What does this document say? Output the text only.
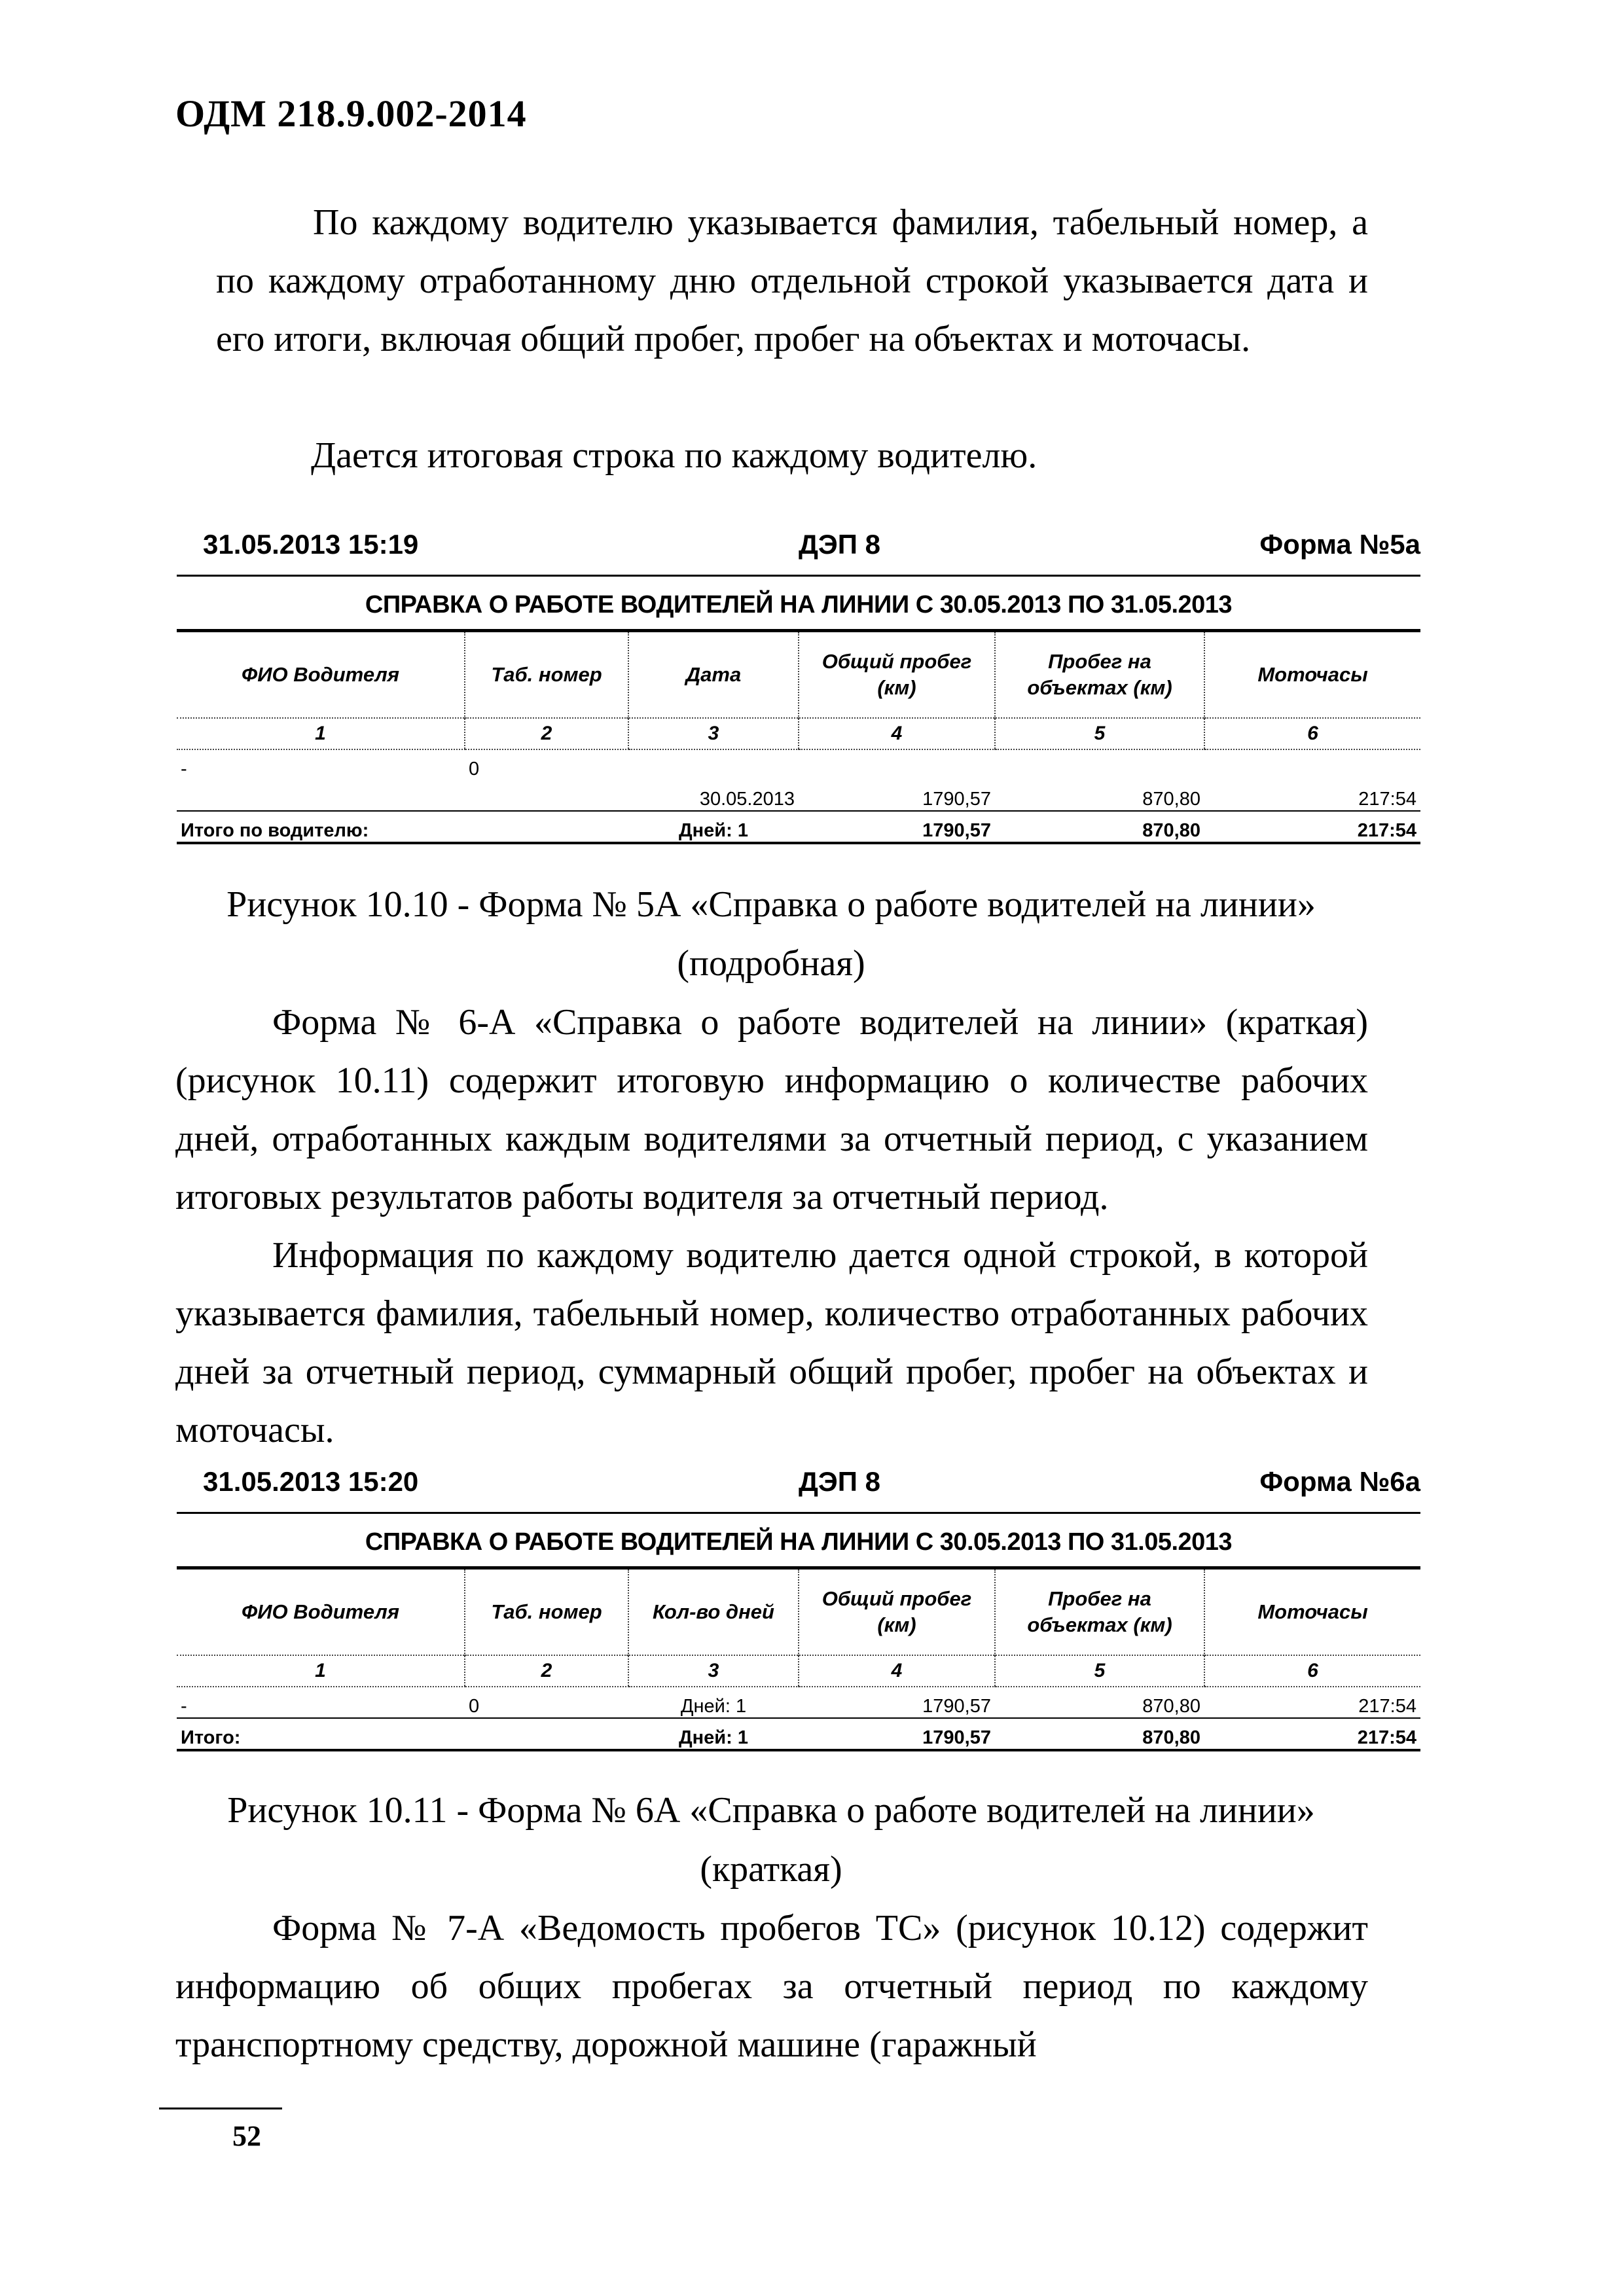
ОДМ 218.9.002-2014

По каждому водителю указывается фамилия, табельный номер, а по каждому отработанному дню отдельной строкой указывается дата и его итоги, включая общий пробег, пробег на объектах и моточасы.

Дается итоговая строка по каждому водителю.

31.05.2013 15:19	ДЭП 8	Форма №5а
СПРАВКА О РАБОТЕ ВОДИТЕЛЕЙ НА ЛИНИИ С 30.05.2013 ПО 31.05.2013
ФИО Водителя	Таб. номер	Дата	Общий пробег (км)	Пробег на объектах (км)	Моточасы
1	2	3	4	5	6
-	0				
		30.05.2013	1790,57	870,80	217:54
Итого по водителю:		Дней: 1	1790,57	870,80	217:54
Рисунок 10.10 - Форма № 5А «Справка о работе водителей на линии»
(подробная)

Форма № 6-А «Справка о работе водителей на линии» (краткая) (рисунок 10.11) содержит итоговую информацию о количестве рабочих дней, отработанных каждым водителями за отчетный период, с указанием итоговых результатов работы водителя за отчетный период.

Информация по каждому водителю дается одной строкой, в которой указывается фамилия, табельный номер, количество отработанных рабочих дней за отчетный период, суммарный общий пробег, пробег на объектах и моточасы.

31.05.2013 15:20	ДЭП 8	Форма №6а
СПРАВКА О РАБОТЕ ВОДИТЕЛЕЙ НА ЛИНИИ С 30.05.2013 ПО 31.05.2013
ФИО Водителя	Таб. номер	Кол-во дней	Общий пробег (км)	Пробег на объектах (км)	Моточасы
1	2	3	4	5	6
-	0	Дней: 1	1790,57	870,80	217:54
Итого:		Дней: 1	1790,57	870,80	217:54
Рисунок 10.11 - Форма № 6А «Справка о работе водителей на линии»
(краткая)

Форма № 7-А «Ведомость пробегов ТС» (рисунок 10.12) содержит информацию об общих пробегах за отчетный период по каждому транспортному средству, дорожной машине (гаражный

52
